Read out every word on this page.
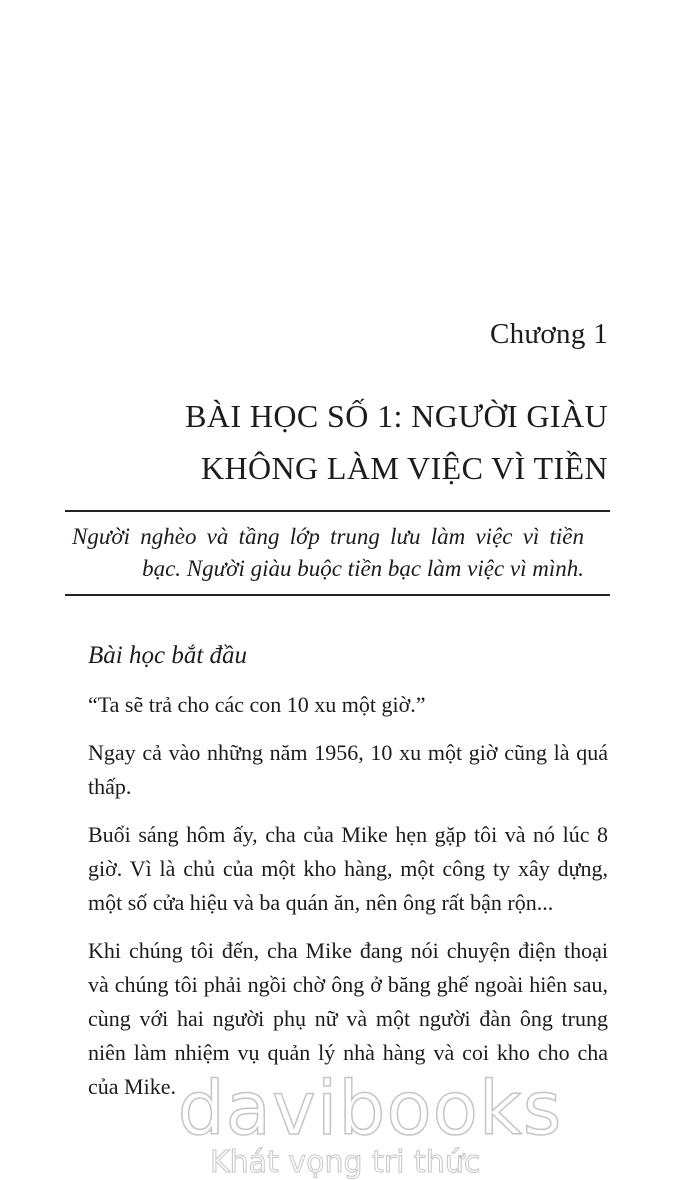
Chương 1
BÀI HỌC SỐ 1: NGƯỜI GIÀU
KHÔNG LÀM VIỆC VÌ TIỀN

Người nghèo và tầng lớp trung lưu làm việc vì tiền bạc. Người giàu buộc tiền bạc làm việc vì mình.

Bài học bắt đầu

“Ta sẽ trả cho các con 10 xu một giờ.”

Ngay cả vào những năm 1956, 10 xu một giờ cũng là quá thấp.

Buổi sáng hôm ấy, cha của Mike hẹn gặp tôi và nó lúc 8 giờ. Vì là chủ của một kho hàng, một công ty xây dựng, một số cửa hiệu và ba quán ăn, nên ông rất bận rộn...

Khi chúng tôi đến, cha Mike đang nói chuyện điện thoại và chúng tôi phải ngồi chờ ông ở băng ghế ngoài hiên sau, cùng với hai người phụ nữ và một người đàn ông trung niên làm nhiệm vụ quản lý nhà hàng và coi kho cho cha của Mike. davibooks
Khát vọng tri thức
